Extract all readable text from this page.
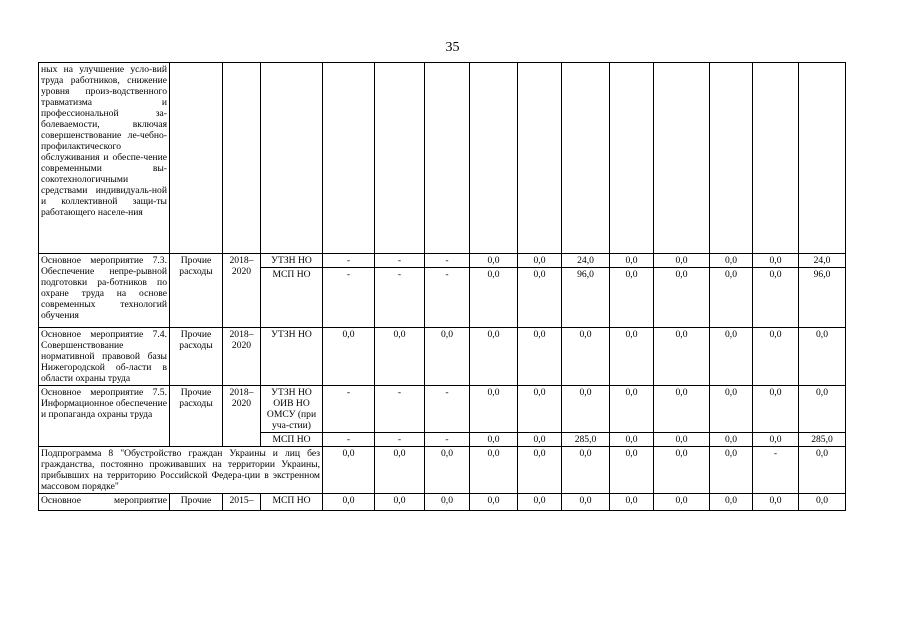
35
ных на улучшение усло-вий труда работников, снижение уровня произ-водственного травматизма и профессиональной за-болеваемости, включая совершенствование ле-чебно-профилактического обслуживания и обеспе-чение современными вы-сокотехнологичными средствами индивидуаль-ной и коллективной защи-ты работающего населе-ния														
Основное мероприятие 7.3. Обеспечение непре-рывной подготовки ра-ботников по охране труда на основе современных технологий обучения	Прочие расходы	2018–2020	УТЗН НО	-	-	-	0,0	0,0	24,0	0,0	0,0	0,0	0,0	24,0
			МСП НО	-	-	-	0,0	0,0	96,0	0,0	0,0	0,0	0,0	96,0
Основное мероприятие 7.4. Совершенствование нормативной правовой базы Нижегородской об-ласти в области охраны труда	Прочие расходы	2018–2020	УТЗН НО	0,0	0,0	0,0	0,0	0,0	0,0	0,0	0,0	0,0	0,0	0,0
Основное мероприятие 7.5. Информационное обеспечение и пропаганда охраны труда	Прочие расходы	2018–2020	УТЗН НО ОИВ НО ОМСУ (при уча-стии)	-	-	-	0,0	0,0	0,0	0,0	0,0	0,0	0,0	0,0
			МСП НО	-	-	-	0,0	0,0	285,0	0,0	0,0	0,0	0,0	285,0
Подпрограмма 8 "Обустройство граждан Украины и лиц без гражданства, постоянно проживавших на территории Украины, прибывших на территорию Российской Федера-ции в экстренном массовом порядке"				0,0	0,0	0,0	0,0	0,0	0,0	0,0	0,0	0,0	-	0,0
Основное мероприятие	Прочие	2015–	МСП НО	0,0	0,0	0,0	0,0	0,0	0,0	0,0	0,0	0,0	0,0	0,0
